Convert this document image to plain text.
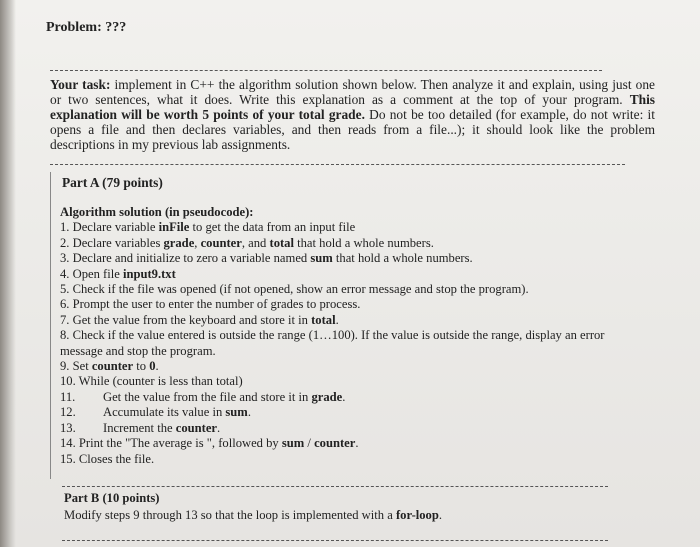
Problem: ???
Your task: implement in C++ the algorithm solution shown below. Then analyze it and explain, using just one or two sentences, what it does. Write this explanation as a comment at the top of your program. This explanation will be worth 5 points of your total grade. Do not be too detailed (for example, do not write: it opens a file and then declares variables, and then reads from a file...); it should look like the problem descriptions in my previous lab assignments.
Part A (79 points)
Algorithm solution (in pseudocode):
1. Declare variable inFile to get the data from an input file
2. Declare variables grade, counter, and total that hold a whole numbers.
3. Declare and initialize to zero a variable named sum that hold a whole numbers.
4. Open file input9.txt
5. Check if the file was opened (if not opened, show an error message and stop the program).
6. Prompt the user to enter the number of grades to process.
7. Get the value from the keyboard and store it in total.
8. Check if the value entered is outside the range (1…100). If the value is outside the range, display an error message and stop the program.
9. Set counter to 0.
10. While (counter is less than total)
11. Get the value from the file and store it in grade.
12. Accumulate its value in sum.
13. Increment the counter.
14. Print the "The average is ", followed by sum / counter.
15. Closes the file.
Part B (10 points)
Modify steps 9 through 13 so that the loop is implemented with a for-loop.
